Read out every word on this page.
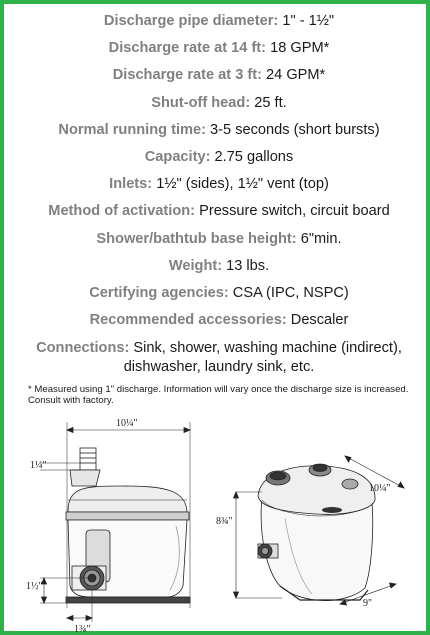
Discharge pipe diameter: 1" - 1½"
Discharge rate at 14 ft: 18 GPM*
Discharge rate at 3 ft: 24 GPM*
Shut-off head: 25 ft.
Normal running time: 3-5 seconds (short bursts)
Capacity: 2.75 gallons
Inlets: 1½" (sides), 1½" vent (top)
Method of activation: Pressure switch, circuit board
Shower/bathtub base height: 6"min.
Weight: 13 lbs.
Certifying agencies: CSA (IPC, NSPC)
Recommended accessories: Descaler
Connections: Sink, shower, washing machine (indirect), dishwasher, laundry sink, etc.
* Measured using 1" discharge. Information will vary once the discharge size is increased. Consult with factory.
10¼"
1¼"
1½"
1¾"
10¼"
8¾"
9"
